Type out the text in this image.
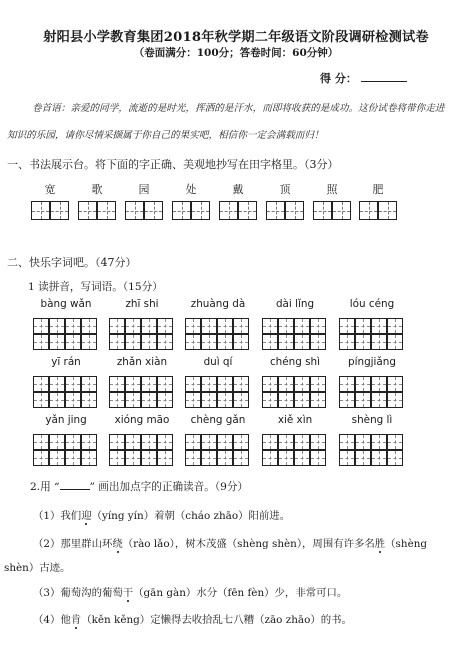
射阳县小学教育集团2018年秋学期二年级语文阶段调研检测试卷
（卷面满分：100分；答卷时间：60分钟）
得 分：
卷首语：亲爱的同学，流逝的是时光，挥洒的是汗水，而即将收获的是成功。这份试卷将带你走进
知识的乐园，请你尽情采撷属于你自己的果实吧，相信你一定会满载而归！
一、书法展示台。将下面的字正确、美观地抄写在田字格里。（3分）
宽	歌	园	处	戴	顶	照	肥
二、快乐字词吧。（47分）
1 读拼音，写词语。（15分）
bàng wǎn	zhī shi	zhuàng dà	dài lǐng	lóu céng
yī rán	zhǎn xiàn	duì qí	chéng shì	píngjiǎng
yǎn jing	xióng māo	chèng gǎn	xiě xìn	shèng lì
2.用 “	” 画出加点字的正确读音。（9分）
（1）我们迎（yíng yín）着朝（cháo zhāo）阳前进。
（2）那里群山环绕（rào lǎo），树木茂盛（shèng shèn），周围有许多名胜（shèng
shèn）古迹。
（3）葡萄沟的葡萄干（gān gàn）水分（fēn fèn）少，非常可口。
（4）他肯（kěn kěng）定懒得去收拾乱七八糟（zāo zhāo）的书。
